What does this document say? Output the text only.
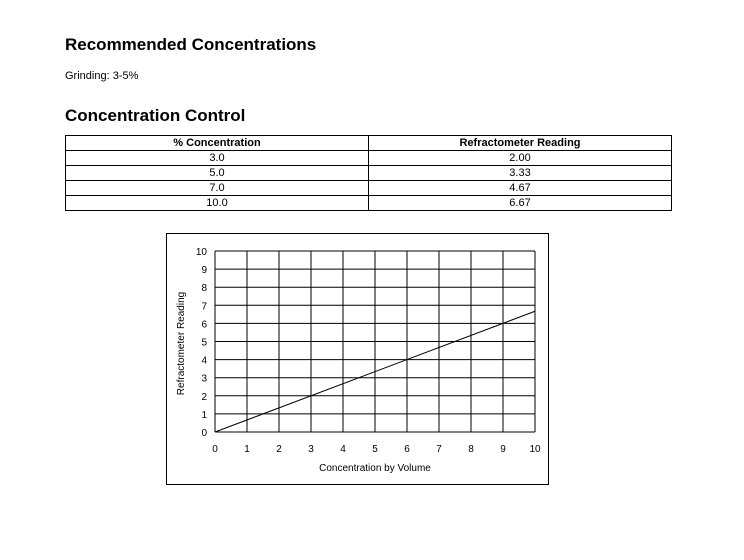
Recommended Concentrations

Grinding: 3-5%

Concentration Control
% Concentration	Refractometer Reading
3.0	2.00
5.0	3.33
7.0	4.67
10.0	6.67
0	1	2	3	4	5	6	7	8	9 10
0
1
2
3
4
5
6
7
8
9
10
Concentration by Volume
Refractometer Reading
